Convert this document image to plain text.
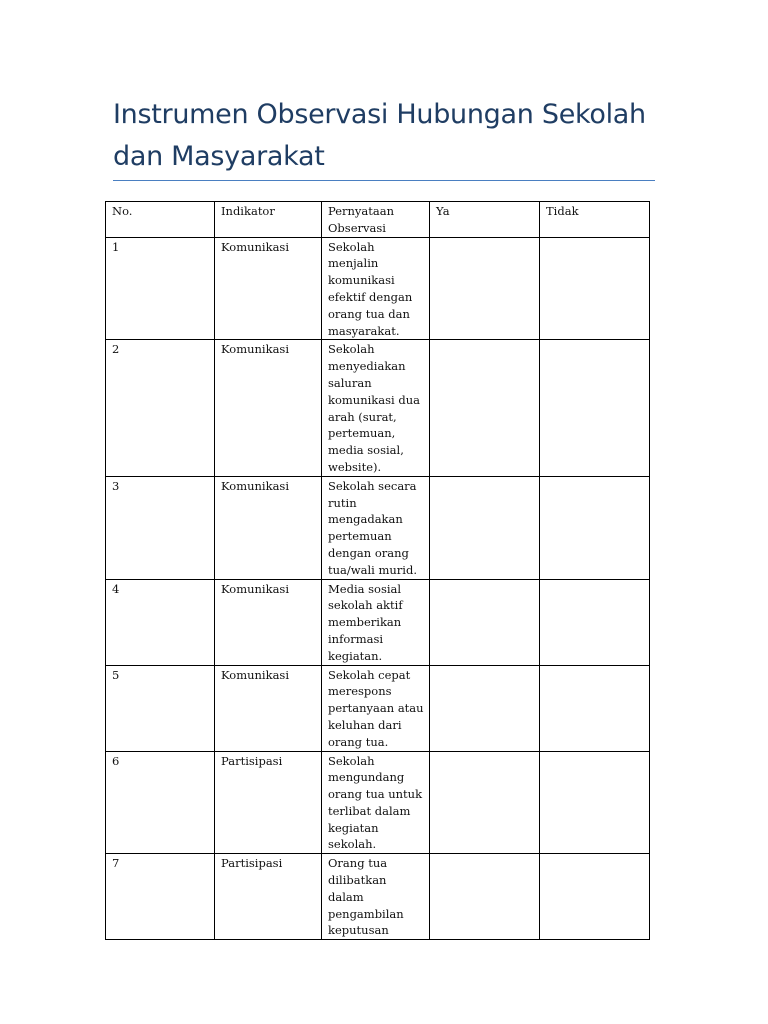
Instrumen Observasi Hubungan Sekolah dan Masyarakat
No.	Indikator	Pernyataan Observasi	Ya	Tidak
1	Komunikasi	Sekolah menjalin komunikasi efektif dengan orang tua dan masyarakat.		
2	Komunikasi	Sekolah menyediakan saluran komunikasi dua arah (surat, pertemuan, media sosial, website).		
3	Komunikasi	Sekolah secara rutin mengadakan pertemuan dengan orang tua/wali murid.		
4	Komunikasi	Media sosial sekolah aktif memberikan informasi kegiatan.		
5	Komunikasi	Sekolah cepat merespons pertanyaan atau keluhan dari orang tua.		
6	Partisipasi	Sekolah mengundang orang tua untuk terlibat dalam kegiatan sekolah.		
7	Partisipasi	Orang tua dilibatkan dalam pengambilan keputusan		
